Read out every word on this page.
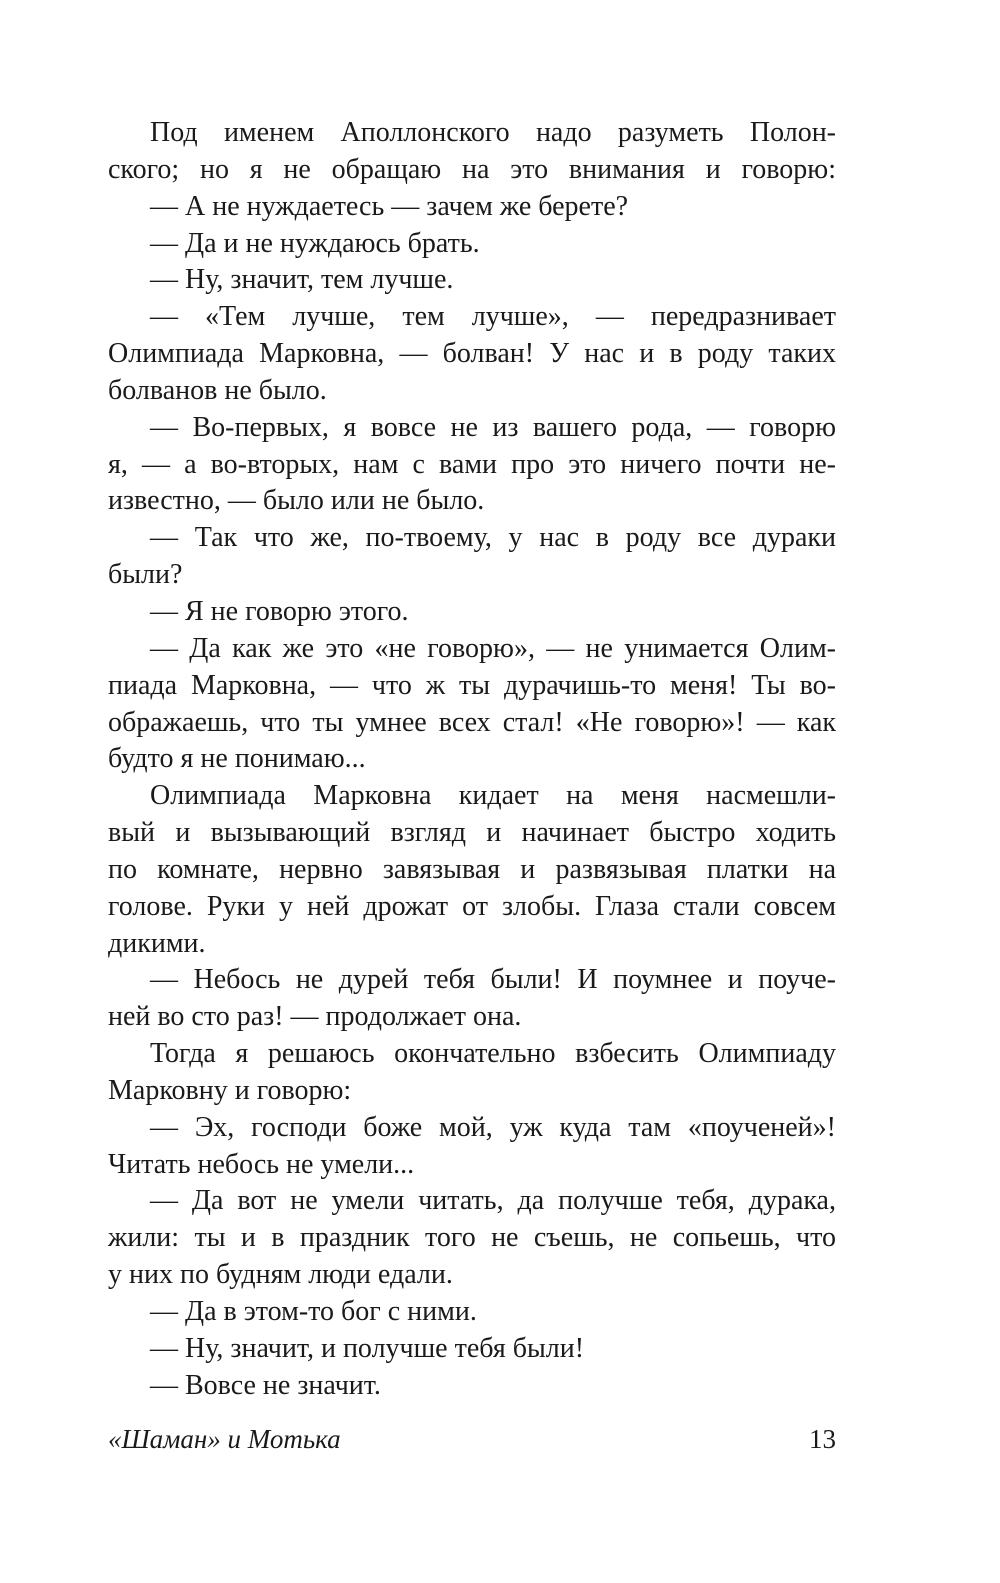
Под именем Аполлонского надо разуметь Полон-
ского; но я не обращаю на это внимания и говорю:
— А не нуждаетесь — зачем же берете?
— Да и не нуждаюсь брать.
— Ну, значит, тем лучше.
— «Тем лучше, тем лучше», — передразнивает
Олимпиада Марковна, — болван! У нас и в роду таких
болванов не было.
— Во-первых, я вовсе не из вашего рода, — говорю
я, — а во-вторых, нам с вами про это ничего почти не-
известно, — было или не было.
— Так что же, по-твоему, у нас в роду все дураки
были?
— Я не говорю этого.
— Да как же это «не говорю», — не унимается Олим-
пиада Марковна, — что ж ты дурачишь-то меня! Ты во-
ображаешь, что ты умнее всех стал! «Не говорю»! — как
будто я не понимаю...
Олимпиада Марковна кидает на меня насмешли-
вый и вызывающий взгляд и начинает быстро ходить
по комнате, нервно завязывая и развязывая платки на
голове. Руки у ней дрожат от злобы. Глаза стали совсем
дикими.
— Небось не дурей тебя были! И поумнее и поуче-
ней во сто раз! — продолжает она.
Тогда я решаюсь окончательно взбесить Олимпиаду
Марковну и говорю:
— Эх, господи боже мой, уж куда там «поученей»!
Читать небось не умели...
— Да вот не умели читать, да получше тебя, дурака,
жили: ты и в праздник того не съешь, не сопьешь, что
у них по будням люди едали.
— Да в этом-то бог с ними.
— Ну, значит, и получше тебя были!
— Вовсе не значит.
«Шаман» и Мотька	13
